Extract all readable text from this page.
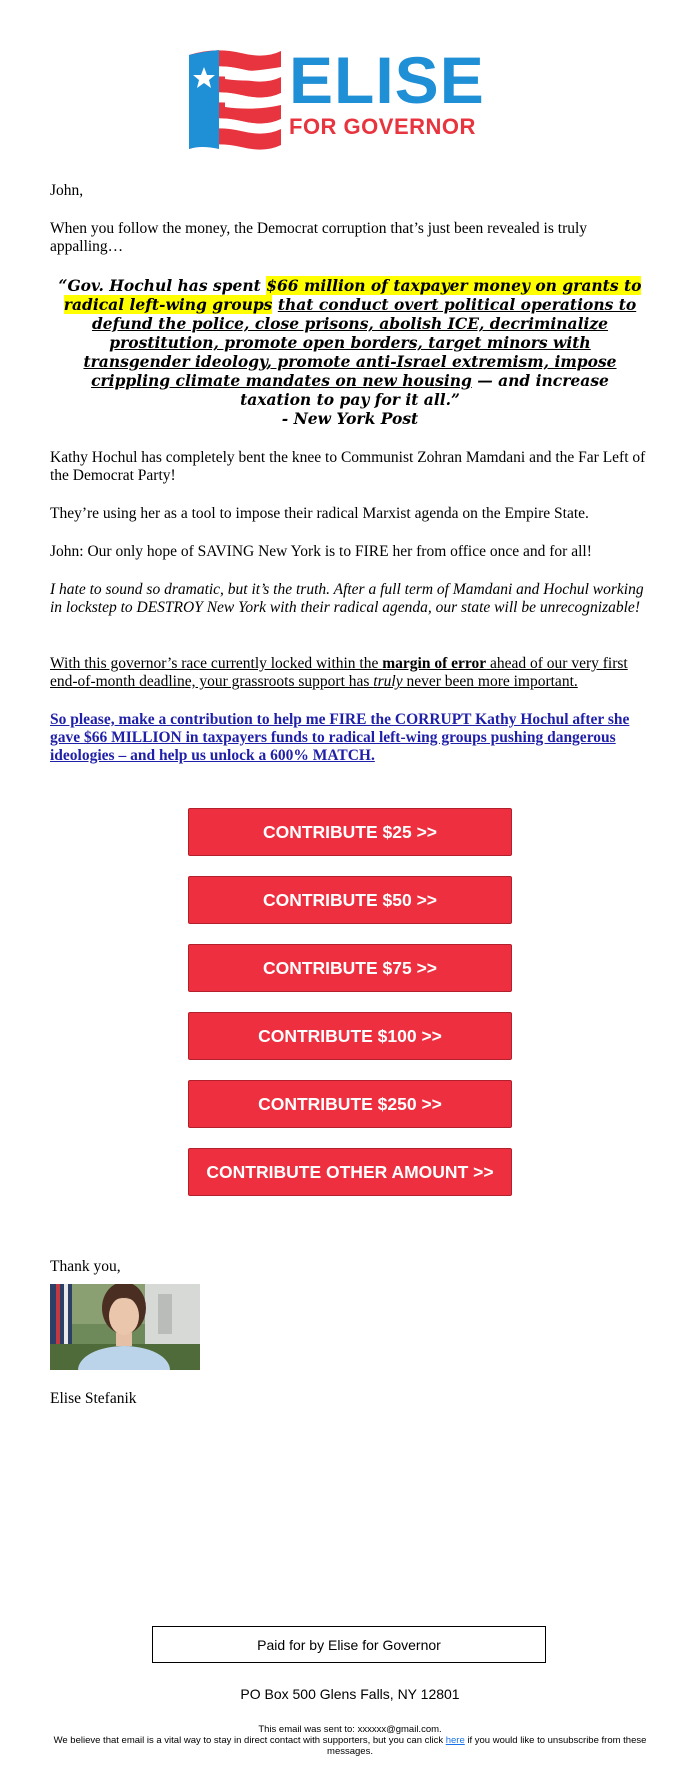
ELISE
FOR GOVERNOR

John,

When you follow the money, the Democrat corruption that’s just been revealed is truly appalling…

“Gov. Hochul has spent $66 million of taxpayer money on grants to radical left-wing groups that conduct overt political operations to defund the police, close prisons, abolish ICE, decriminalize prostitution, promote open borders, target minors with transgender ideology, promote anti-Israel extremism, impose crippling climate mandates on new housing — and increase taxation to pay for it all.”
- New York Post

Kathy Hochul has completely bent the knee to Communist Zohran Mamdani and the Far Left of the Democrat Party!

They’re using her as a tool to impose their radical Marxist agenda on the Empire State.

John: Our only hope of SAVING New York is to FIRE her from office once and for all!

I hate to sound so dramatic, but it’s the truth. After a full term of Mamdani and Hochul working in lockstep to DESTROY New York with their radical agenda, our state will be unrecognizable!

With this governor’s race currently locked within the margin of error ahead of our very first end-of-month deadline, your grassroots support has truly never been more important.

So please, make a contribution to help me FIRE the CORRUPT Kathy Hochul after she gave $66 MILLION in taxpayers funds to radical left-wing groups pushing dangerous ideologies – and help us unlock a 600% MATCH.

CONTRIBUTE $25 >>
CONTRIBUTE $50 >>
CONTRIBUTE $75 >>
CONTRIBUTE $100 >>
CONTRIBUTE $250 >>
CONTRIBUTE OTHER AMOUNT >>

Thank you,

Elise Stefanik

Paid for by Elise for Governor
PO Box 500 Glens Falls, NY 12801
This email was sent to: xxxxxx@gmail.com.
We believe that email is a vital way to stay in direct contact with supporters, but you can click here if you would like to unsubscribe from these messages.
